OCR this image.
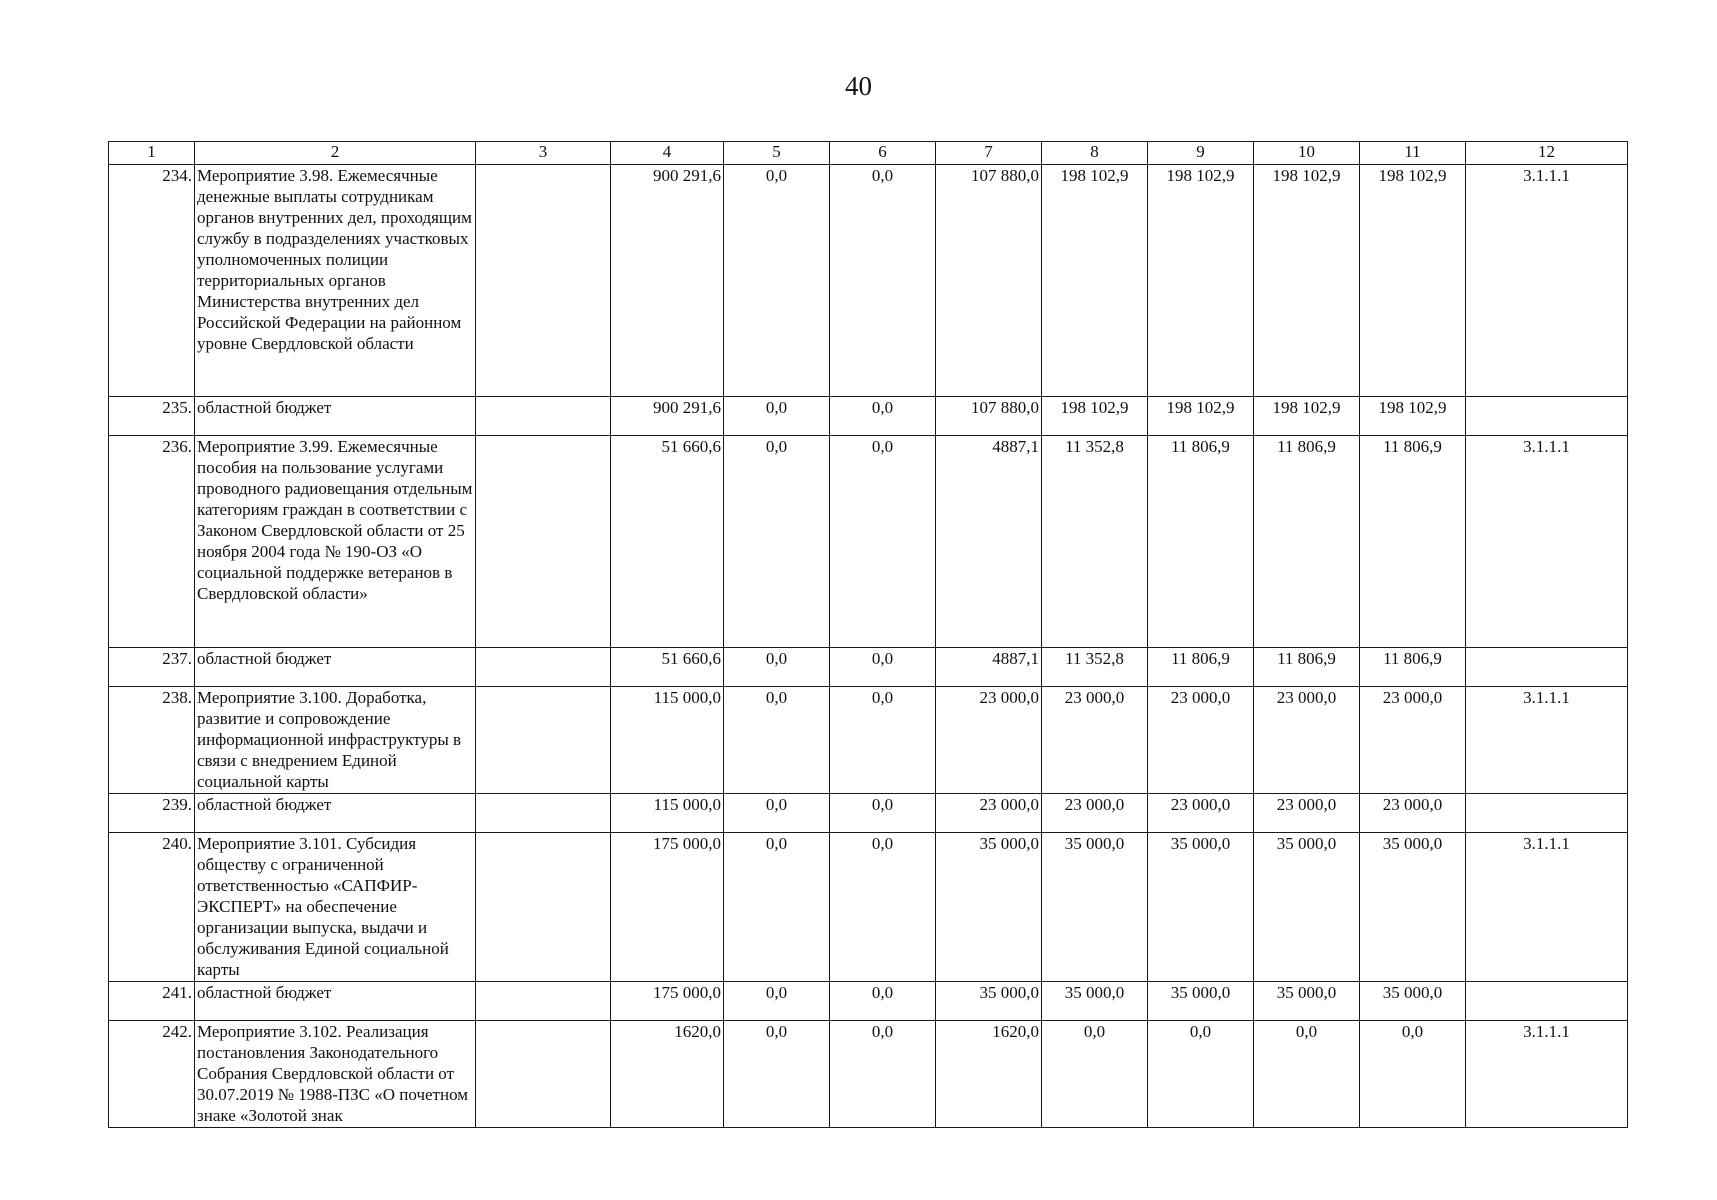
40
1	2	3	4	5	6	7	8	9	10	11	12
234.	Мероприятие 3.98. Ежемесячные денежные выплаты сотрудникам органов внутренних дел, проходящим службу в подразделениях участковых уполномоченных полиции территориальных органов Министерства внутренних дел Российской Федерации на районном уровне Свердловской области		900 291,6	0,0	0,0	107 880,0	198 102,9	198 102,9	198 102,9	198 102,9	3.1.1.1
235.	областной бюджет		900 291,6	0,0	0,0	107 880,0	198 102,9	198 102,9	198 102,9	198 102,9	
236.	Мероприятие 3.99. Ежемесячные пособия на пользование услугами проводного радиовещания отдельным категориям граждан в соответствии с Законом Свердловской области от 25 ноября 2004 года № 190-ОЗ «О социальной поддержке ветеранов в Свердловской области»		51 660,6	0,0	0,0	4887,1	11 352,8	11 806,9	11 806,9	11 806,9	3.1.1.1
237.	областной бюджет		51 660,6	0,0	0,0	4887,1	11 352,8	11 806,9	11 806,9	11 806,9	
238.	Мероприятие 3.100. Доработка, развитие и сопровождение информационной инфраструктуры в связи с внедрением Единой социальной карты		115 000,0	0,0	0,0	23 000,0	23 000,0	23 000,0	23 000,0	23 000,0	3.1.1.1
239.	областной бюджет		115 000,0	0,0	0,0	23 000,0	23 000,0	23 000,0	23 000,0	23 000,0	
240.	Мероприятие 3.101. Субсидия обществу с ограниченной ответственностью «САПФИР-ЭКСПЕРТ» на обеспечение организации выпуска, выдачи и обслуживания Единой социальной карты		175 000,0	0,0	0,0	35 000,0	35 000,0	35 000,0	35 000,0	35 000,0	3.1.1.1
241.	областной бюджет		175 000,0	0,0	0,0	35 000,0	35 000,0	35 000,0	35 000,0	35 000,0	
242.	Мероприятие 3.102. Реализация постановления Законодательного Собрания Свердловской области от 30.07.2019 № 1988-ПЗС «О почетном знаке «Золотой знак		1620,0	0,0	0,0	1620,0	0,0	0,0	0,0	0,0	3.1.1.1
